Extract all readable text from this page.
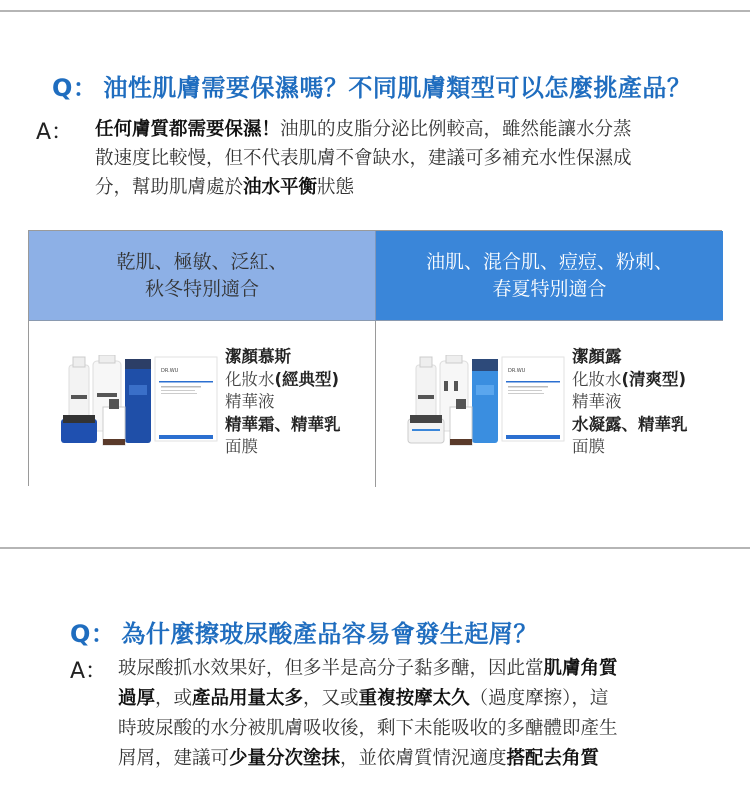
Q： 油性肌膚需要保濕嗎？不同肌膚類型可以怎麼挑產品？
A： 任何膚質都需要保濕！油肌的皮脂分泌比例較高，雖然能讓水分蒸
散速度比較慢，但不代表肌膚不會缺水，建議可多補充水性保濕成
分，幫助肌膚處於油水平衡狀態
乾肌、極敏、泛紅、
秋冬特別適合
油肌、混合肌、痘痘、粉刺、
春夏特別適合
DR.WU
潔顏慕斯
化妝水(經典型)
精華液
精華霜、精華乳
面膜
DR.WU
潔顏露
化妝水(清爽型)
精華液
水凝露、精華乳
面膜
Q： 為什麼擦玻尿酸產品容易會發生起屑？
A： 玻尿酸抓水效果好，但多半是高分子黏多醣，因此當肌膚角質
過厚，或產品用量太多，又或重複按摩太久（過度摩擦），這
時玻尿酸的水分被肌膚吸收後，剩下未能吸收的多醣體即產生
屑屑，建議可少量分次塗抹，並依膚質情況適度搭配去角質
